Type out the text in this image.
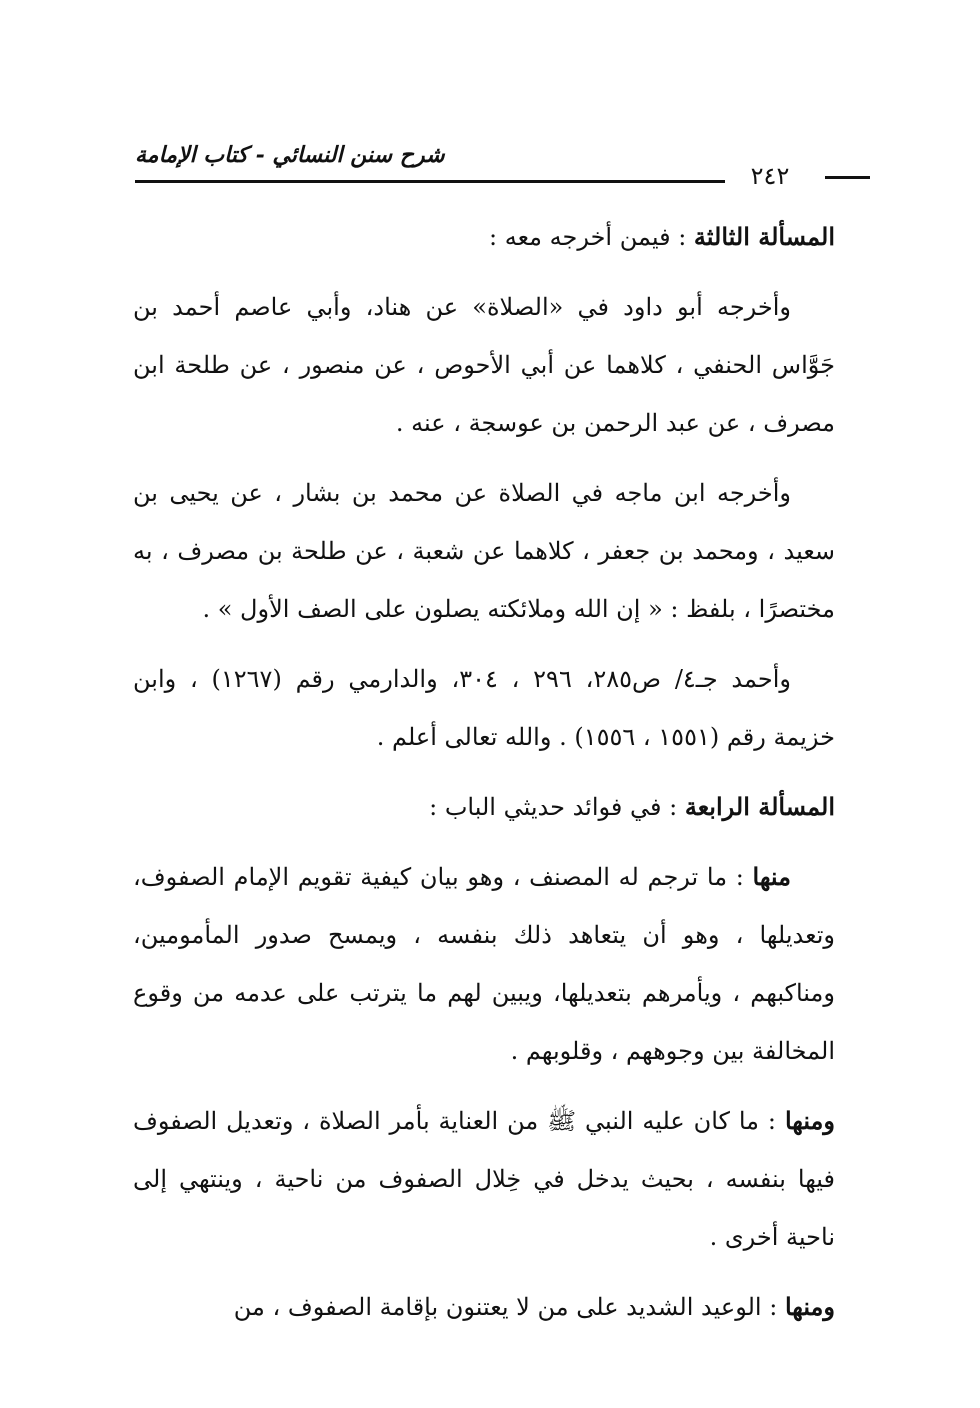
شرح سنن النسائي - كتاب الإمامة
٢٤٢

المسألة الثالثة : فيمن أخرجه معه :

وأخرجه أبو داود في «الصلاة» عن هناد، وأبي عاصم أحمد بن جَوَّاس الحنفي ، كلاهما عن أبي الأحوص ، عن منصور ، عن طلحة ابن مصرف ، عن عبد الرحمن بن عوسجة ، عنه .

وأخرجه ابن ماجه في الصلاة عن محمد بن بشار ، عن يحيى بن سعيد ، ومحمد بن جعفر ، كلاهما عن شعبة ، عن طلحة بن مصرف ، به مختصرًا ، بلفظ : « إن الله وملائكته يصلون على الصف الأول » .

وأحمد جـ٤/ ص٢٨٥، ٢٩٦ ، ٣٠٤، والدارمي رقم (١٢٦٧) ، وابن خزيمة رقم (١٥٥١ ، ١٥٥٦) . والله تعالى أعلم .

المسألة الرابعة : في فوائد حديثي الباب :

منها : ما ترجم له المصنف ، وهو بيان كيفية تقويم الإمام الصفوف، وتعديلها ، وهو أن يتعاهد ذلك بنفسه ، ويمسح صدور المأمومين، ومناكبهم ، ويأمرهم بتعديلها، ويبين لهم ما يترتب على عدمه من وقوع المخالفة بين وجوههم ، وقلوبهم .

ومنها : ما كان عليه النبي ﷺ من العناية بأمر الصلاة ، وتعديل الصفوف فيها بنفسه ، بحيث يدخل في خِلال الصفوف من ناحية ، وينتهي إلى ناحية أخرى .

ومنها : الوعيد الشديد على من لا يعتنون بإقامة الصفوف ، من
